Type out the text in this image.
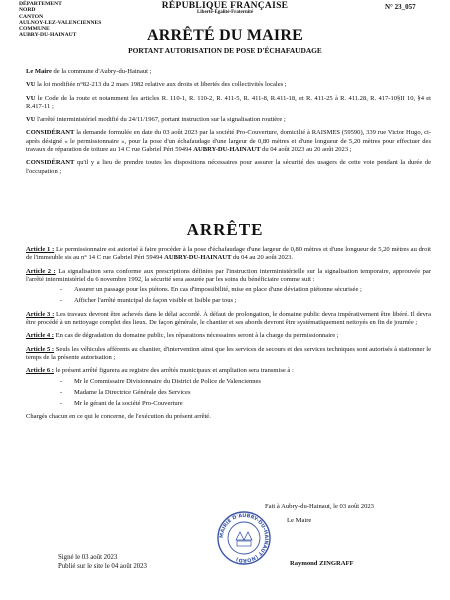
DÉPARTEMENT
NORD
CANTON
AULNOY-LEZ-VALENCIENNES
COMMUNE
AUBRY-DU-HAINAUT
RÉPUBLIQUE FRANÇAISE
Liberté-Égalité-Fraternité
N° 23_057
ARRÊTÉ DU MAIRE
PORTANT AUTORISATION DE POSE D'ÉCHAFAUDAGE

Le Maire de la commune d'Aubry-du-Hainaut ;

VU la loi modifiée n°82-213 du 2 mars 1982 relative aux droits et libertés des collectivités locales ;

VU le Code de la route et notamment les articles R. 110-1, R. 110-2, R. 411-5, R. 411-8, R.411-18, et R. 411-25 à R. 411.28, R. 417-10§II 10, §4 et R.417-11 ;

VU l'arrêté interministériel modifié du 24/11/1967, portant instruction sur la signalisation routière ;

CONSIDÉRANT la demande formulée en date du 03 août 2023 par la société Pro-Couverture, domicilié à RAISMES (59590), 339 rue Victor Hugo, ci-après désigné « le permissionnaire », pour la pose d'un échafaudage d'une largeur de 0,80 mètres et d'une longueur de 5,20 mètres pour effectuer des travaux de réparation de toiture au 14 C rue Gabriel Péri 59494 AUBRY-DU-HAINAUT du 04 août 2023 au 20 août 2023 ;

CONSIDÉRANT qu'il y a lieu de prendre toutes les dispositions nécessaires pour assurer la sécurité des usagers de cette voie pendant la durée de l'occupation ;

ARRÊTE

Article 1 : Le permissionnaire est autorisé à faire procéder à la pose d'échafaudage d'une largeur de 0,80 mètres et d'une longueur de 5,20 mètres au droit de l'immeuble sis au n° 14 C rue Gabriel Péri 59494 AUBRY-DU-HAINAUT du 04 au 20 août 2023.

Article 2 : La signalisation sera conforme aux prescriptions définies par l'instruction interministérielle sur la signalisation temporaire, approuvée par l'arrêté interministériel du 6 novembre 1992, la sécurité sera assurée par les soins du bénéficiaire comme suit :

- Assurer un passage pour les piétons. En cas d'impossibilité, mise en place d'une déviation piétonne sécurisée ;
- Afficher l'arrêté municipal de façon visible et lisible par tous ;

Article 3 : Les travaux devront être achevés dans le délai accordé. À défaut de prolongation, le domaine public devra impérativement être libéré. Il devra être procédé à un nettoyage complet des lieux. De façon générale, le chantier et ses abords devront être systématiquement nettoyés en fin de journée ;

Article 4 : En cas de dégradation du domaine public, les réparations nécessaires seront à la charge du permissionnaire ;

Article 5 : Seuls les véhicules afférents au chantier, d'intervention ainsi que les services de secours et des services techniques sont autorisés à stationner le temps de la présente autorisation ;

Article 6 : le présent arrêté figurera au registre des arrêtés municipaux et ampliation sera transmise à :

- Mr le Commissaire Divisionnaire du District de Police de Valenciennes
- Madame la Directrice Générale des Services
- Mr le gérant de la société Pro-Couverture

Chargés chacun en ce qui le concerne, de l'exécution du présent arrêté.

Fait à Aubry-du-Hainaut, le 03 août 2023
Le Maire
MAIRIE D'AUBRY-DU-HAINAUT (NORD)
Raymond ZINGRAFF
Signé le 03 août 2023
Publié sur le site le 04 août 2023
